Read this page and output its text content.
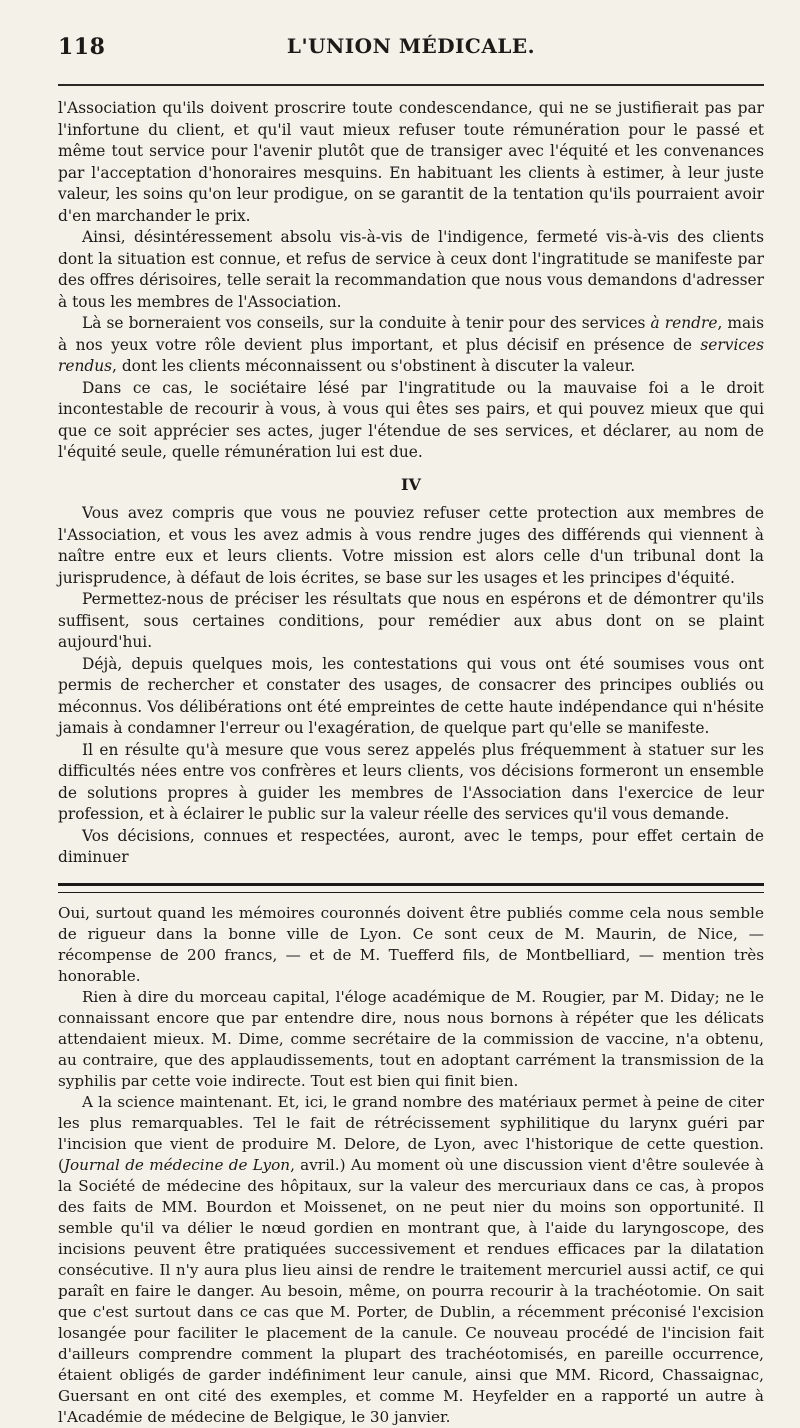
118	L'UNION MÉDICALE.

l'Association qu'ils doivent proscrire toute condescendance, qui ne se justifierait pas par l'infortune du client, et qu'il vaut mieux refuser toute rémunération pour le passé et même tout service pour l'avenir plutôt que de transiger avec l'équité et les convenances par l'acceptation d'honoraires mesquins. En habituant les clients à estimer, à leur juste valeur, les soins qu'on leur prodigue, on se garantit de la tentation qu'ils pourraient avoir d'en marchander le prix.

Ainsi, désintéressement absolu vis-à-vis de l'indigence, fermeté vis-à-vis des clients dont la situation est connue, et refus de service à ceux dont l'ingratitude se manifeste par des offres dérisoires, telle serait la recommandation que nous vous demandons d'adresser à tous les membres de l'Association.

Là se borneraient vos conseils, sur la conduite à tenir pour des services à rendre, mais à nos yeux votre rôle devient plus important, et plus décisif en présence de services rendus, dont les clients méconnaissent ou s'obstinent à discuter la valeur.

Dans ce cas, le sociétaire lésé par l'ingratitude ou la mauvaise foi a le droit incontestable de recourir à vous, à vous qui êtes ses pairs, et qui pouvez mieux que qui que ce soit apprécier ses actes, juger l'étendue de ses services, et déclarer, au nom de l'équité seule, quelle rémunération lui est due.

IV

Vous avez compris que vous ne pouviez refuser cette protection aux membres de l'Association, et vous les avez admis à vous rendre juges des différends qui viennent à naître entre eux et leurs clients. Votre mission est alors celle d'un tribunal dont la jurisprudence, à défaut de lois écrites, se base sur les usages et les principes d'équité.

Permettez-nous de préciser les résultats que nous en espérons et de démontrer qu'ils suffisent, sous certaines conditions, pour remédier aux abus dont on se plaint aujourd'hui.

Déjà, depuis quelques mois, les contestations qui vous ont été soumises vous ont permis de rechercher et constater des usages, de consacrer des principes oubliés ou méconnus. Vos délibérations ont été empreintes de cette haute indépendance qui n'hésite jamais à condamner l'erreur ou l'exagération, de quelque part qu'elle se manifeste.

Il en résulte qu'à mesure que vous serez appelés plus fréquemment à statuer sur les difficultés nées entre vos confrères et leurs clients, vos décisions formeront un ensemble de solutions propres à guider les membres de l'Association dans l'exercice de leur profession, et à éclairer le public sur la valeur réelle des services qu'il vous demande.

Vos décisions, connues et respectées, auront, avec le temps, pour effet certain de diminuer

Oui, surtout quand les mémoires couronnés doivent être publiés comme cela nous semble de rigueur dans la bonne ville de Lyon. Ce sont ceux de M. Maurin, de Nice, — récompense de 200 francs, — et de M. Tuefferd fils, de Montbelliard, — mention très honorable.

Rien à dire du morceau capital, l'éloge académique de M. Rougier, par M. Diday; ne le connaissant encore que par entendre dire, nous nous bornons à répéter que les délicats attendaient mieux. M. Dime, comme secrétaire de la commission de vaccine, n'a obtenu, au contraire, que des applaudissements, tout en adoptant carrément la transmission de la syphilis par cette voie indirecte. Tout est bien qui finit bien.

A la science maintenant. Et, ici, le grand nombre des matériaux permet à peine de citer les plus remarquables. Tel le fait de rétrécissement syphilitique du larynx guéri par l'incision que vient de produire M. Delore, de Lyon, avec l'historique de cette question. (Journal de médecine de Lyon, avril.) Au moment où une discussion vient d'être soulevée à la Société de médecine des hôpitaux, sur la valeur des mercuriaux dans ce cas, à propos des faits de MM. Bourdon et Moissenet, on ne peut nier du moins son opportunité. Il semble qu'il va délier le nœud gordien en montrant que, à l'aide du laryngoscope, des incisions peuvent être pratiquées successivement et rendues efficaces par la dilatation consécutive. Il n'y aura plus lieu ainsi de rendre le traitement mercuriel aussi actif, ce qui paraît en faire le danger. Au besoin, même, on pourra recourir à la trachéotomie. On sait que c'est surtout dans ce cas que M. Porter, de Dublin, a récemment préconisé l'excision losangée pour faciliter le placement de la canule. Ce nouveau procédé de l'incision fait d'ailleurs comprendre comment la plupart des trachéotomisés, en pareille occurrence, étaient obligés de garder indéfiniment leur canule, ainsi que MM. Ricord, Chassaignac, Guersant en ont cité des exemples, et comme M. Heyfelder en a rapporté un autre à l'Académie de médecine de Belgique, le 30 janvier.
